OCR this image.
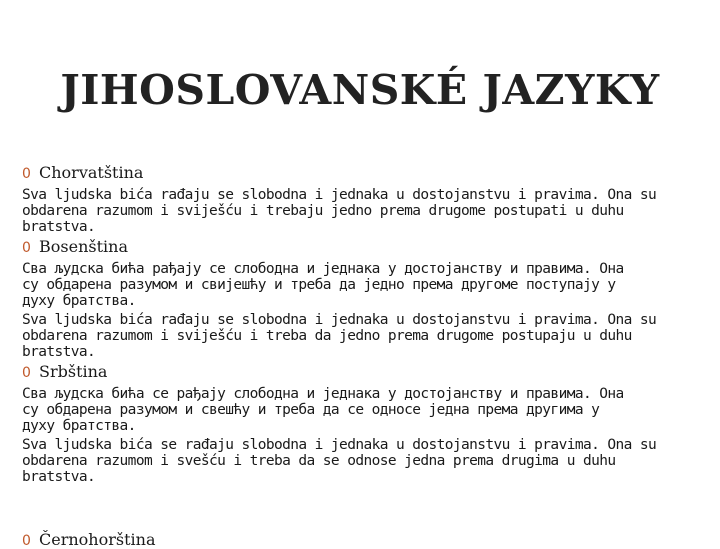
JIHOSLOVANSKÉ JAZYKY
0 Chorvatština

Sva ljudska bića rađaju se slobodna i jednaka u dostojanstvu i pravima. Ona su
obdarena razumom i sviješću i trebaju jedno prema drugome postupati u duhu
bratstva.

0 Bosenština

Сва људска бића рађају се слободна и једнака у достојанству и правима. Она
су обдарена разумом и свијешћу и треба да једно према другоме поступају у
духу братства.

Sva ljudska bića rađaju se slobodna i jednaka u dostojanstvu i pravima. Ona su
obdarena razumom i sviješću i treba da jedno prema drugome postupaju u duhu
bratstva.

0 Srbština

Сва људска бића се рађају слободна и једнака у достојанству и правима. Она
су обдарена разумом и свешћу и треба да се односе једна према другима у
духу братства.

Sva ljudska bića se rađaju slobodna i jednaka u dostojanstvu i pravima. Ona su
obdarena razumom i svešću i treba da se odnose jedna prema drugima u duhu
bratstva.

0 Černohorština
